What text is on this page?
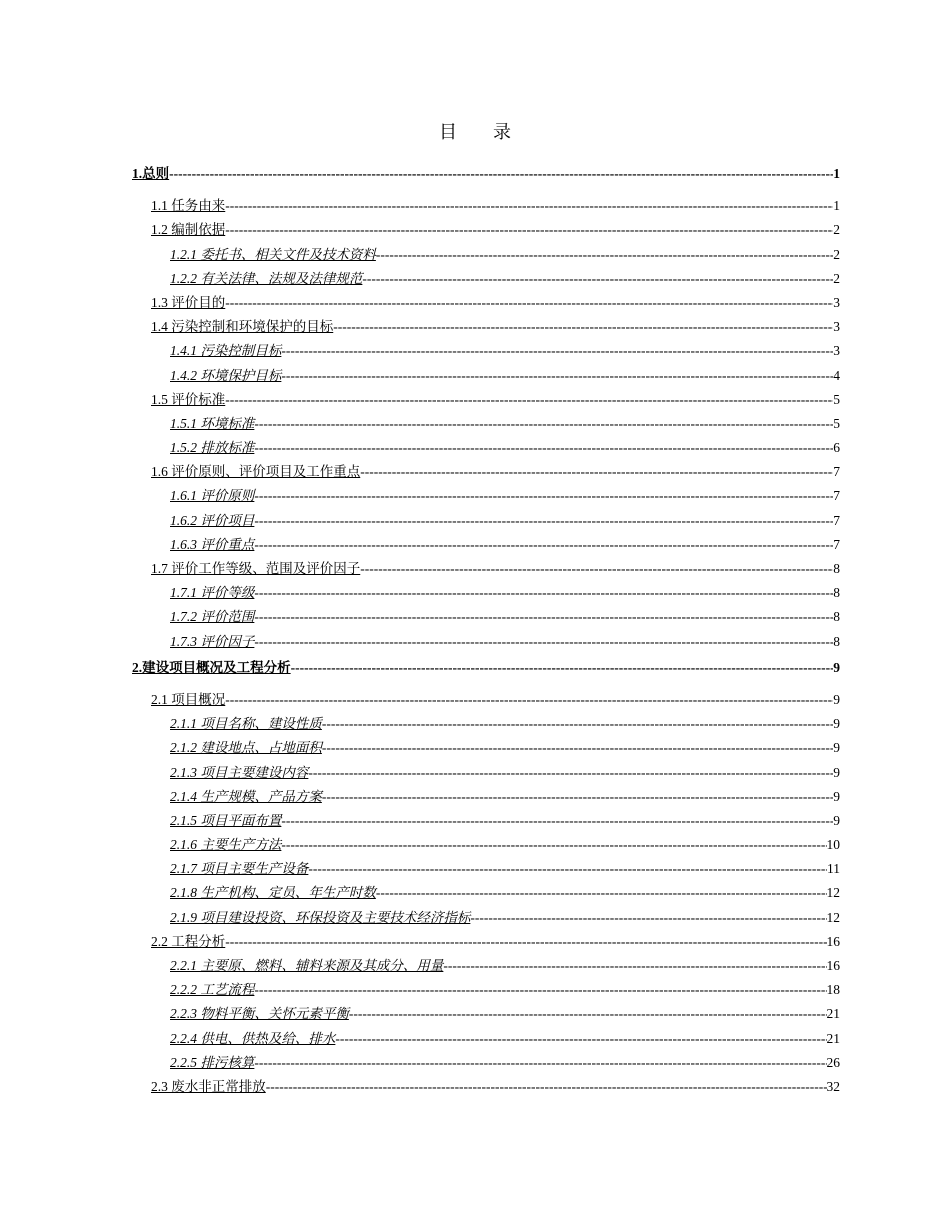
目　　录
1.总则 -----	1
1.1 任务由来 -----	1
1.2 编制依据 -----	2
1.2.1 委托书、相关文件及技术资料 -----	2
1.2.2 有关法律、法规及法律规范 -----	2
1.3 评价目的 -----	3
1.4 污染控制和环境保护的目标 -----	3
1.4.1 污染控制目标 -----	3
1.4.2 环境保护目标 -----	4
1.5 评价标准 -----	5
1.5.1 环境标准 -----	5
1.5.2 排放标准 -----	6
1.6 评价原则、评价项目及工作重点 -----	7
1.6.1 评价原则 -----	7
1.6.2 评价项目 -----	7
1.6.3 评价重点 -----	7
1.7 评价工作等级、范围及评价因子 -----	8
1.7.1 评价等级 -----	8
1.7.2 评价范围 -----	8
1.7.3 评价因子 -----	8
2.建设项目概况及工程分析 -----	9
2.1 项目概况 -----	9
2.1.1 项目名称、建设性质 -----	9
2.1.2 建设地点、占地面积 -----	9
2.1.3 项目主要建设内容 -----	9
2.1.4 生产规模、产品方案 -----	9
2.1.5 项目平面布置 -----	9
2.1.6 主要生产方法 -----	10
2.1.7 项目主要生产设备 -----	11
2.1.8 生产机构、定员、年生产时数 -----	12
2.1.9 项目建设投资、环保投资及主要技术经济指标 -----	12
2.2 工程分析 -----	16
2.2.1 主要原、燃料、辅料来源及其成分、用量 -----	16
2.2.2 工艺流程 -----	18
2.2.3 物料平衡、关怀元素平衡 -----	21
2.2.4 供电、供热及给、排水 -----	21
2.2.5 排污核算 -----	26
2.3 废水非正常排放 -----	32
